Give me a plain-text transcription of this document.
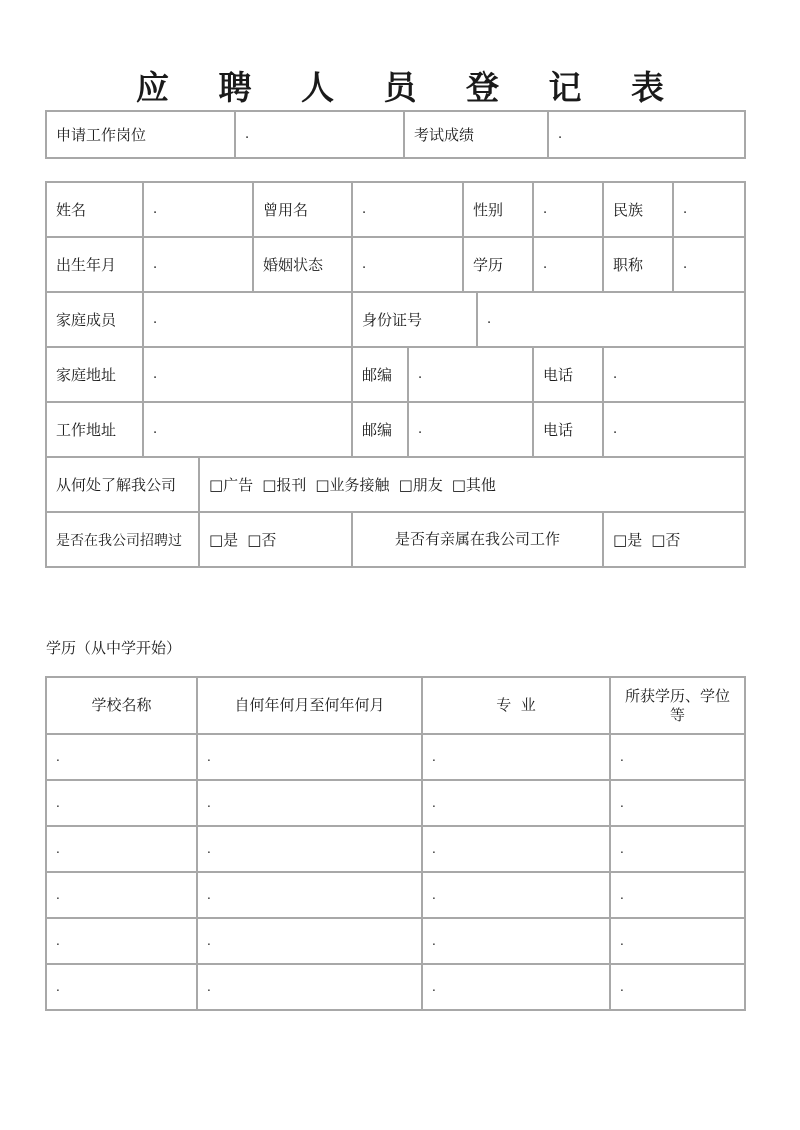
应 聘 人 员 登 记 表
申请工作岗位	.	考试成绩	.
姓名	.		曾用名	.		性别		.	民族	.
出生年月	.		婚姻状态	.		学历		.	职称	.
家庭成员	.			身份证号			.			
家庭地址	.			邮编	.			电话	.	
工作地址	.			邮编	.			电话	.	
从何处了解我公司		□广告 □报刊 □业务接触 □朋友 □其他								
是否在我公司招聘过		□是 □否		是否有亲属在我公司工作					□是 □否	
学历（从中学开始）
学校名称	自何年何月至何年何月	专  业	所获学历、学位等
.	.	.	.
.	.	.	.
.	.	.	.
.	.	.	.
.	.	.	.
.	.	.	.
